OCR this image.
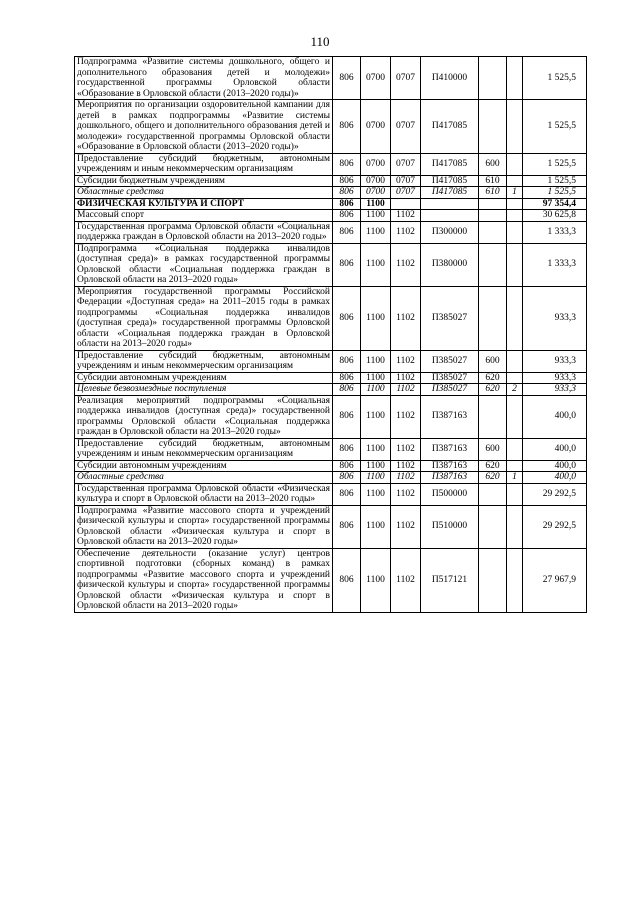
110
Подпрограмма «Развитие системы дошкольного, общего и дополнительного образования детей и молодежи» государственной программы Орловской области «Образование в Орловской области (2013–2020 годы)»	806	0700	0707	П410000			1 525,5
Мероприятия по организации оздоровительной кампании для детей в рамках подпрограммы «Развитие системы дошкольного, общего и дополнительного образования детей и молодежи» государственной программы Орловской области «Образование в Орловской области (2013–2020 годы)»	806	0700	0707	П417085			1 525,5
Предоставление субсидий бюджетным, автономным учреждениям и иным некоммерческим организациям	806	0700	0707	П417085	600		1 525,5
Субсидии бюджетным учреждениям	806	0700	0707	П417085	610		1 525,5
Областные средства	806	0700	0707	П417085	610	1	1 525,5
ФИЗИЧЕСКАЯ КУЛЬТУРА И СПОРТ	806	1100					97 354,4
Массовый спорт	806	1100	1102				30 625,8
Государственная программа Орловской области «Социальная поддержка граждан в Орловской области на 2013–2020 годы»	806	1100	1102	П300000			1 333,3
Подпрограмма «Социальная поддержка инвалидов (доступная среда)» в рамках государственной программы Орловской области «Социальная поддержка граждан в Орловской области на 2013–2020 годы»	806	1100	1102	П380000			1 333,3
Мероприятия государственной программы Российской Федерации «Доступная среда» на 2011–2015 годы в рамках подпрограммы «Социальная поддержка инвалидов (доступная среда)» государственной программы Орловской области «Социальная поддержка граждан в Орловской области на 2013–2020 годы»	806	1100	1102	П385027			933,3
Предоставление субсидий бюджетным, автономным учреждениям и иным некоммерческим организациям	806	1100	1102	П385027	600		933,3
Субсидии автономным учреждениям	806	1100	1102	П385027	620		933,3
Целевые безвозмездные поступления	806	1100	1102	П385027	620	2	933,3
Реализация мероприятий подпрограммы «Социальная поддержка инвалидов (доступная среда)» государственной программы Орловской области «Социальная поддержка граждан в Орловской области на 2013–2020 годы»	806	1100	1102	П387163			400,0
Предоставление субсидий бюджетным, автономным учреждениям и иным некоммерческим организациям	806	1100	1102	П387163	600		400,0
Субсидии автономным учреждениям	806	1100	1102	П387163	620		400,0
Областные средства	806	1100	1102	П387163	620	1	400,0
Государственная программа Орловской области «Физическая культура и спорт в Орловской области на 2013–2020 годы»	806	1100	1102	П500000			29 292,5
Подпрограмма «Развитие массового спорта и учреждений физической культуры и спорта» государственной программы Орловской области «Физическая культура и спорт в Орловской области на 2013–2020 годы»	806	1100	1102	П510000			29 292,5
Обеспечение деятельности (оказание услуг) центров спортивной подготовки (сборных команд) в рамках подпрограммы «Развитие массового спорта и учреждений физической культуры и спорта» государственной программы Орловской области «Физическая культура и спорт в Орловской области на 2013–2020 годы»	806	1100	1102	П517121			27 967,9
